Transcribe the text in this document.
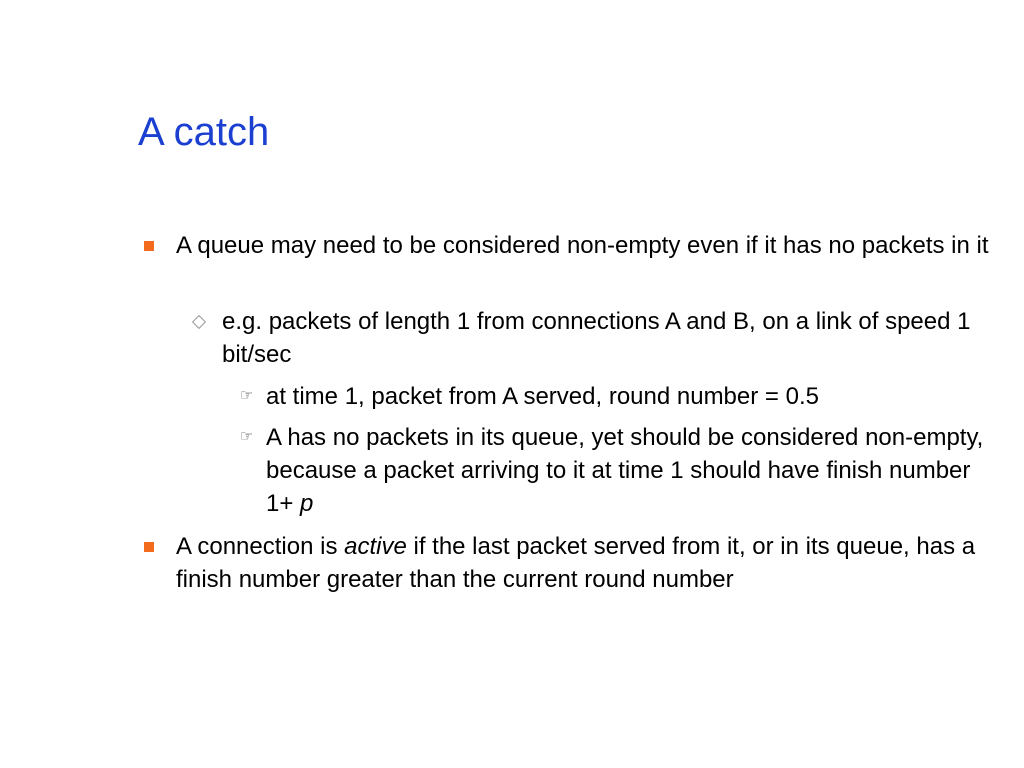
A catch
A queue may need to be considered non-empty even if it has no packets in it
e.g. packets of length 1 from connections A and B, on a link of speed 1 bit/sec
☞ at time 1, packet from A served, round number = 0.5
☞ A has no packets in its queue, yet should be considered non-empty, because a packet arriving to it at time 1 should have finish number 1+ p
A connection is active if the last packet served from it, or in its queue, has a finish number greater than the current round number
